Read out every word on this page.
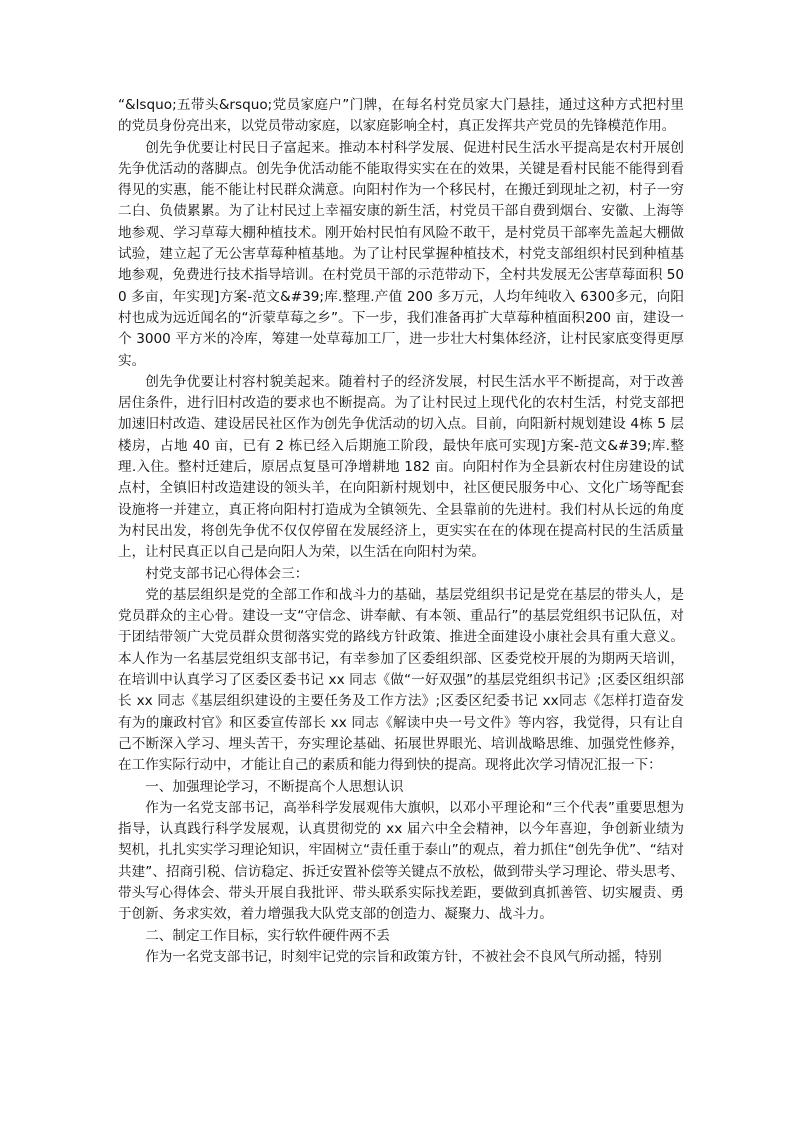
“&lsquo;五带头&rsquo;党员家庭户”门牌，在每名村党员家大门悬挂，通过这种方式把村里的党员身份亮出来，以党员带动家庭，以家庭影响全村，真正发挥共产党员的先锋模范作用。

创先争优要让村民日子富起来。推动本村科学发展、促进村民生活水平提高是农村开展创先争优活动的落脚点。创先争优活动能不能取得实实在在的效果，关键是看村民能不能得到看得见的实惠，能不能让村民群众满意。向阳村作为一个移民村，在搬迁到现址之初，村子一穷二白、负债累累。为了让村民过上幸福安康的新生活，村党员干部自费到烟台、安徽、上海等地参观、学习草莓大棚种植技术。刚开始村民怕有风险不敢干，是村党员干部率先盖起大棚做试验，建立起了无公害草莓种植基地。为了让村民掌握种植技术，村党支部组织村民到种植基地参观，免费进行技术指导培训。在村党员干部的示范带动下，全村共发展无公害草莓面积 500 多亩，年实现]方案-范文&#39;库.整理.产值 200 多万元，人均年纯收入 6300多元，向阳村也成为远近闻名的“沂蒙草莓之乡”。下一步，我们准备再扩大草莓种植面积200 亩，建设一个 3000 平方米的冷库，筹建一处草莓加工厂，进一步壮大村集体经济，让村民家底变得更厚实。

创先争优要让村容村貌美起来。随着村子的经济发展，村民生活水平不断提高，对于改善居住条件，进行旧村改造的要求也不断提高。为了让村民过上现代化的农村生活，村党支部把加速旧村改造、建设居民社区作为创先争优活动的切入点。目前，向阳新村规划建设 4栋 5 层楼房，占地 40 亩，已有 2 栋已经入后期施工阶段，最快年底可实现]方案-范文&#39;库.整理.入住。整村迁建后，原居点复垦可净增耕地 182 亩。向阳村作为全县新农村住房建设的试点村，全镇旧村改造建设的领头羊，在向阳新村规划中，社区便民服务中心、文化广场等配套设施将一并建立，真正将向阳村打造成为全镇领先、全县靠前的先进村。我们村从长远的角度为村民出发，将创先争优不仅仅停留在发展经济上，更实实在在的体现在提高村民的生活质量上，让村民真正以自己是向阳人为荣，以生活在向阳村为荣。

村党支部书记心得体会三：

党的基层组织是党的全部工作和战斗力的基础，基层党组织书记是党在基层的带头人，是党员群众的主心骨。建设一支“守信念、讲奉献、有本领、重品行”的基层党组织书记队伍，对于团结带领广大党员群众贯彻落实党的路线方针政策、推进全面建设小康社会具有重大意义。本人作为一名基层党组织支部书记，有幸参加了区委组织部、区委党校开展的为期两天培训，在培训中认真学习了区委区委书记 xx 同志《做“一好双强”的基层党组织书记》;区委区组织部长 xx 同志《基层组织建设的主要任务及工作方法》;区委区纪委书记 xx同志《怎样打造奋发有为的廉政村官》和区委宣传部长 xx 同志《解读中央一号文件》等内容，我觉得，只有让自己不断深入学习、埋头苦干，夯实理论基础、拓展世界眼光、培训战略思维、加强党性修养，在工作实际行动中，才能让自己的素质和能力得到快的提高。现将此次学习情况汇报一下：

一、加强理论学习，不断提高个人思想认识

作为一名党支部书记，高举科学发展观伟大旗帜，以邓小平理论和“三个代表”重要思想为指导，认真践行科学发展观，认真贯彻党的 xx 届六中全会精神，以今年喜迎，争创新业绩为契机，扎扎实实学习理论知识，牢固树立“责任重于泰山”的观点，着力抓住“创先争优”、“结对共建”、招商引税、信访稳定、拆迁安置补偿等关键点不放松，做到带头学习理论、带头思考、带头写心得体会、带头开展自我批评、带头联系实际找差距，要做到真抓善管、切实履责、勇于创新、务求实效，着力增强我大队党支部的创造力、凝聚力、战斗力。

二、制定工作目标，实行软件硬件两不丢

作为一名党支部书记，时刻牢记党的宗旨和政策方针，不被社会不良风气所动摇，特别
